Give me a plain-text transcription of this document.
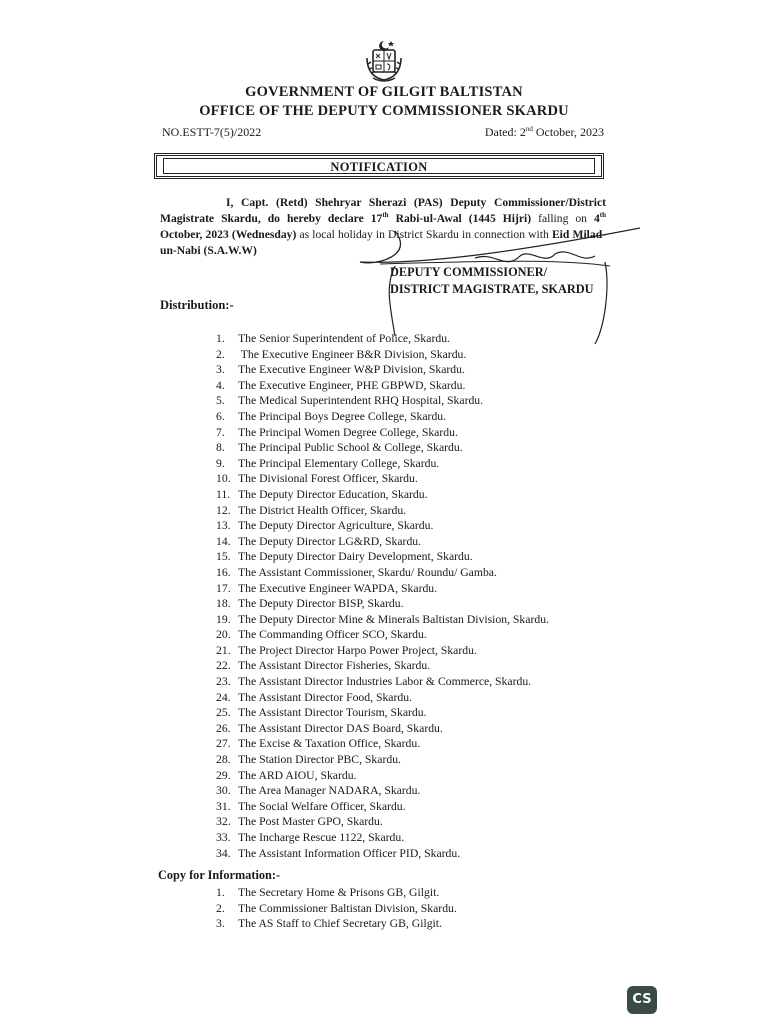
GOVERNMENT OF GILGIT BALTISTAN
OFFICE OF THE DEPUTY COMMISSIONER SKARDU
NO.ESTT-7(5)/2022	Dated: 2nd October, 2023
NOTIFICATION
I, Capt. (Retd) Shehryar Sherazi (PAS) Deputy Commissioner/District Magistrate Skardu, do hereby declare 17th Rabi-ul-Awal (1445 Hijri) falling on 4th October, 2023 (Wednesday) as local holiday in District Skardu in connection with Eid Milad-un-Nabi (S.A.W.W)
DEPUTY COMMISSIONER/
DISTRICT MAGISTRATE, SKARDU
Distribution:-
1. The Senior Superintendent of Police, Skardu.
2. The Executive Engineer B&R Division, Skardu.
3. The Executive Engineer W&P Division, Skardu.
4. The Executive Engineer, PHE GBPWD, Skardu.
5. The Medical Superintendent RHQ Hospital, Skardu.
6. The Principal Boys Degree College, Skardu.
7. The Principal Women Degree College, Skardu.
8. The Principal Public School & College, Skardu.
9. The Principal Elementary College, Skardu.
10. The Divisional Forest Officer, Skardu.
11. The Deputy Director Education, Skardu.
12. The District Health Officer, Skardu.
13. The Deputy Director Agriculture, Skardu.
14. The Deputy Director LG&RD, Skardu.
15. The Deputy Director Dairy Development, Skardu.
16. The Assistant Commissioner, Skardu/ Roundu/ Gamba.
17. The Executive Engineer WAPDA, Skardu.
18. The Deputy Director BISP, Skardu.
19. The Deputy Director Mine & Minerals Baltistan Division, Skardu.
20. The Commanding Officer SCO, Skardu.
21. The Project Director Harpo Power Project, Skardu.
22. The Assistant Director Fisheries, Skardu.
23. The Assistant Director Industries Labor & Commerce, Skardu.
24. The Assistant Director Food, Skardu.
25. The Assistant Director Tourism, Skardu.
26. The Assistant Director DAS Board, Skardu.
27. The Excise & Taxation Office, Skardu.
28. The Station Director PBC, Skardu.
29. The ARD AIOU, Skardu.
30. The Area Manager NADARA, Skardu.
31. The Social Welfare Officer, Skardu.
32. The Post Master GPO, Skardu.
33. The Incharge Rescue 1122, Skardu.
34. The Assistant Information Officer PID, Skardu.
Copy for Information:-
1. The Secretary Home & Prisons GB, Gilgit.
2. The Commissioner Baltistan Division, Skardu.
3. The AS Staff to Chief Secretary GB, Gilgit.
CS
